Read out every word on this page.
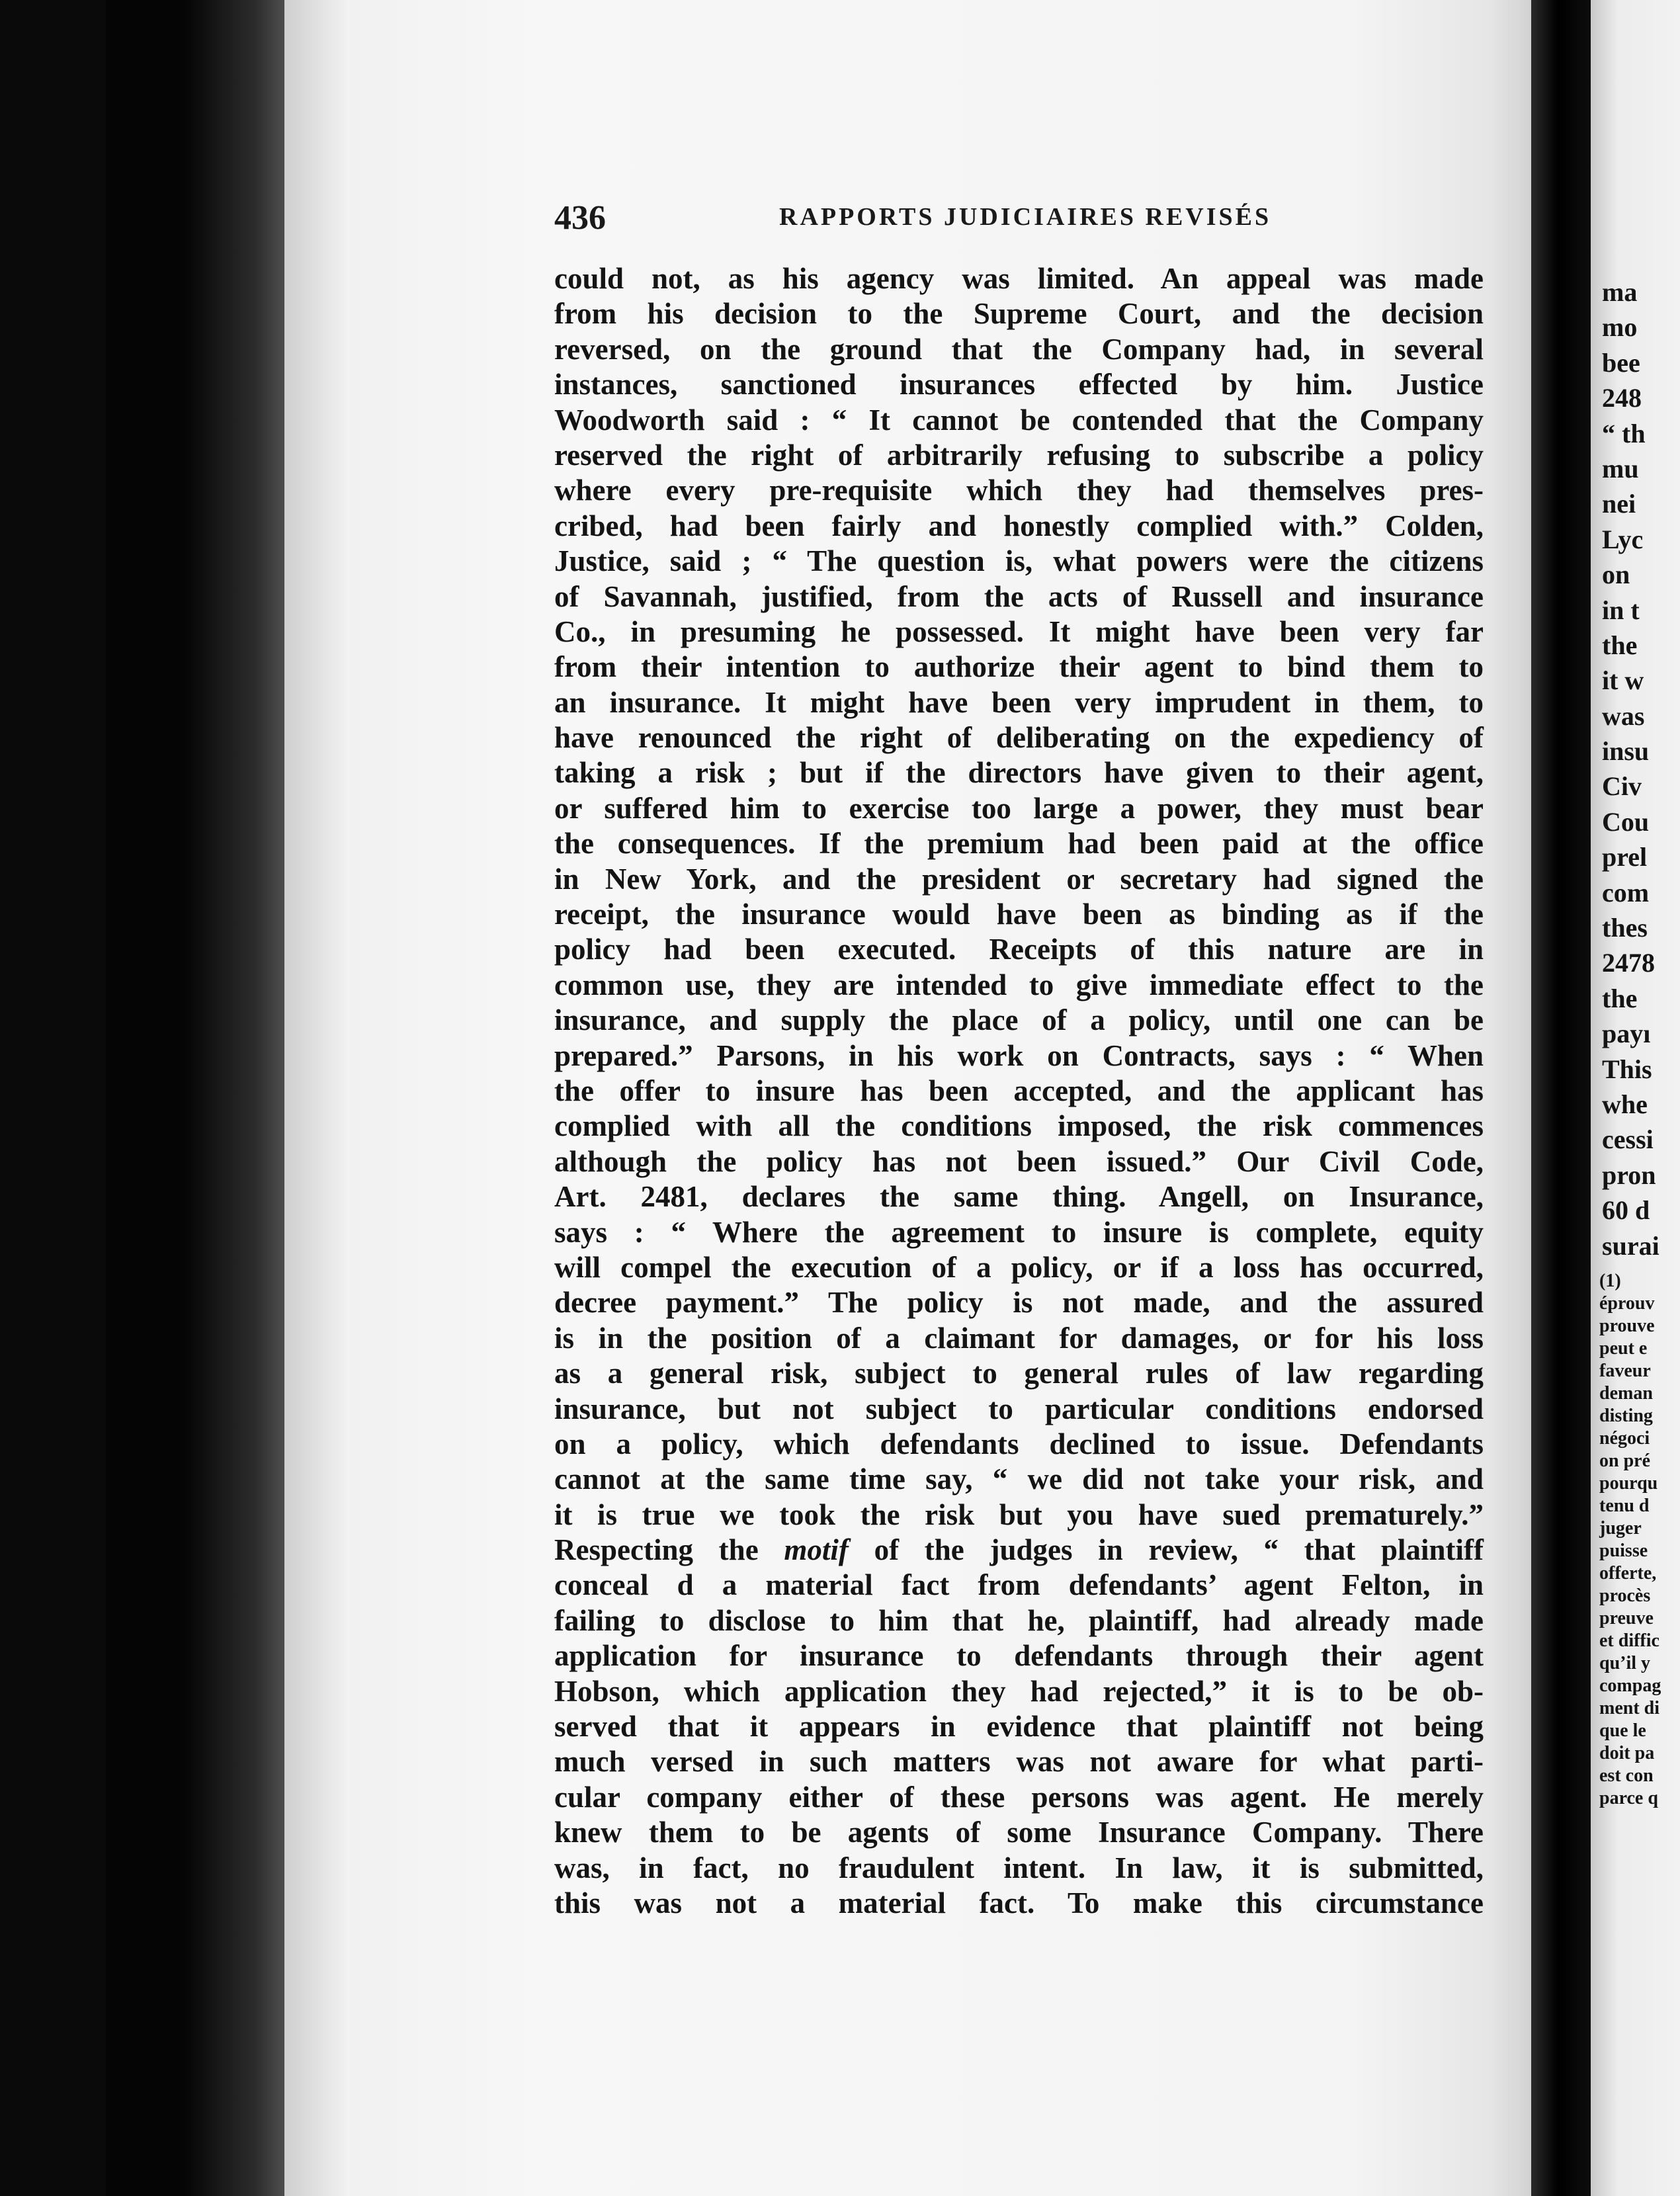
436	RAPPORTS JUDICIAIRES REVISÉS
could not, as his agency was limited. An appeal was made
from his decision to the Supreme Court, and the decision
reversed, on the ground that the Company had, in several
instances, sanctioned insurances effected by him. Justice
Woodworth said : “ It cannot be contended that the Company
reserved the right of arbitrarily refusing to subscribe a policy
where every pre-requisite which they had themselves pres-
cribed, had been fairly and honestly complied with.” Colden,
Justice, said ; “ The question is, what powers were the citizens
of Savannah, justified, from the acts of Russell and insurance
Co., in presuming he possessed. It might have been very far
from their intention to authorize their agent to bind them to
an insurance. It might have been very imprudent in them, to
have renounced the right of deliberating on the expediency of
taking a risk ; but if the directors have given to their agent,
or suffered him to exercise too large a power, they must bear
the consequences. If the premium had been paid at the office
in New York, and the president or secretary had signed the
receipt, the insurance would have been as binding as if the
policy had been executed. Receipts of this nature are in
common use, they are intended to give immediate effect to the
insurance, and supply the place of a policy, until one can be
prepared.” Parsons, in his work on Contracts, says : “ When
the offer to insure has been accepted, and the applicant has
complied with all the conditions imposed, the risk commences
although the policy has not been issued.” Our Civil Code,
Art. 2481, declares the same thing. Angell, on Insurance,
says : “ Where the agreement to insure is complete, equity
will compel the execution of a policy, or if a loss has occurred,
decree payment.” The policy is not made, and the assured
is in the position of a claimant for damages, or for his loss
as a general risk, subject to general rules of law regarding
insurance, but not subject to particular conditions endorsed
on a policy, which defendants declined to issue. Defendants
cannot at the same time say, “ we did not take your risk, and
it is true we took the risk but you have sued prematurely.”
Respecting the motif of the judges in review, “ that plaintiff
conceal d a material fact from defendants’ agent Felton, in
failing to disclose to him that he, plaintiff, had already made
application for insurance to defendants through their agent
Hobson, which application they had rejected,” it is to be ob-
served that it appears in evidence that plaintiff not being
much versed in such matters was not aware for what parti-
cular company either of these persons was agent. He merely
knew them to be agents of some Insurance Company. There
was, in fact, no fraudulent intent. In law, it is submitted,
this was not a material fact. To make this circumstance
ma
mo
bee
248
“ th
mu
nei
Lyc
on
in t
the
it w
was
insu
Civ
Cou
prel
com
thes
2478
the
payı
This
whe
cessi
pron
60 d
surai
(1)
éprouv
prouve
peut e
faveur
deman
disting
négoci
on pré
pourqu
tenu d
juger
puisse
offerte,
procès
preuve
et diffic
qu’il y
compag
ment di
que le
doit pa
est con
parce q
